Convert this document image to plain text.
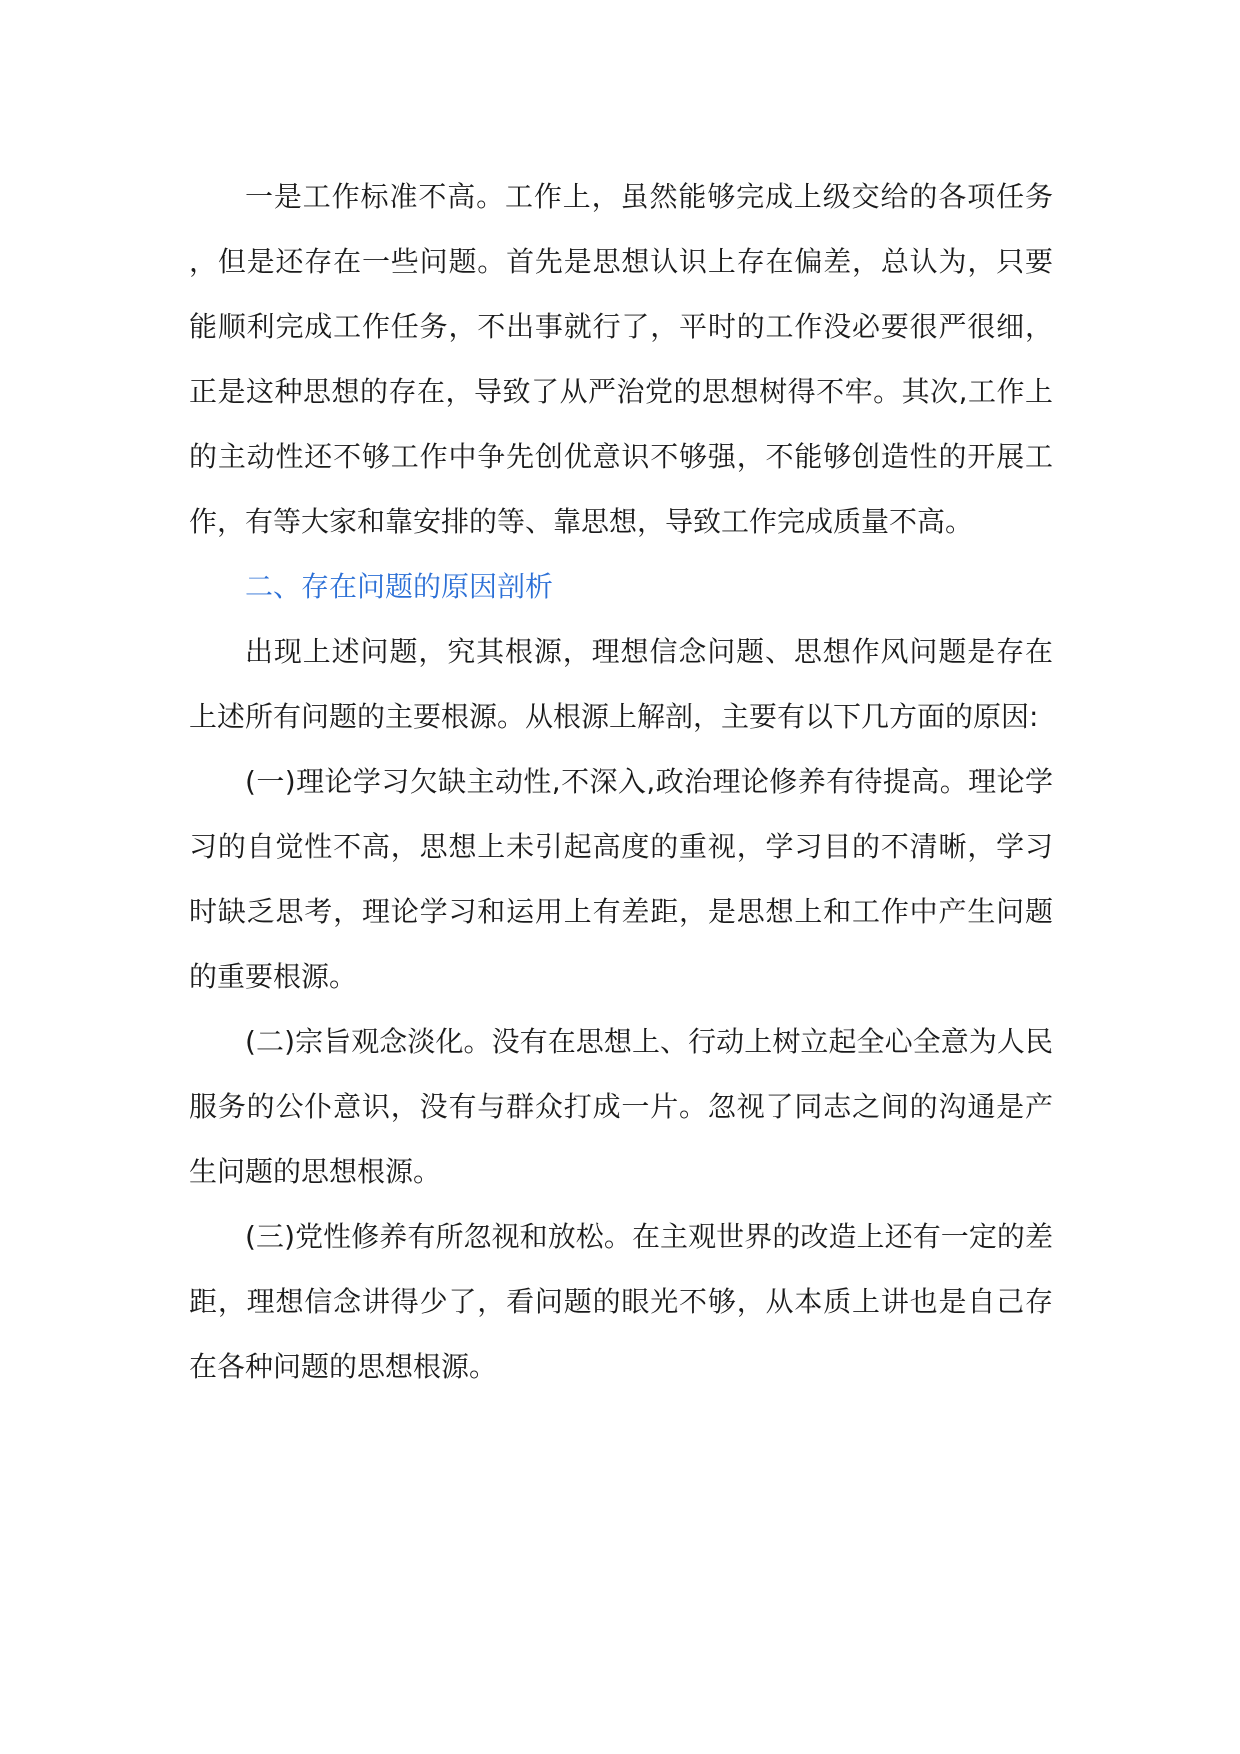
一是工作标准不高。工作上，虽然能够完成上级交给的各项任务，但是还存在一些问题。首先是思想认识上存在偏差，总认为，只要能顺利完成工作任务，不出事就行了，平时的工作没必要很严很细，正是这种思想的存在，导致了从严治党的思想树得不牢。其次,工作上的主动性还不够工作中争先创优意识不够强，不能够创造性的开展工作，有等大家和靠安排的等、靠思想，导致工作完成质量不高。

二、存在问题的原因剖析

出现上述问题，究其根源，理想信念问题、思想作风问题是存在上述所有问题的主要根源。从根源上解剖，主要有以下几方面的原因:

(一)理论学习欠缺主动性,不深入,政治理论修养有待提高。理论学习的自觉性不高，思想上未引起高度的重视，学习目的不清晰，学习时缺乏思考，理论学习和运用上有差距，是思想上和工作中产生问题的重要根源。

(二)宗旨观念淡化。没有在思想上、行动上树立起全心全意为人民服务的公仆意识，没有与群众打成一片。忽视了同志之间的沟通是产生问题的思想根源。

(三)党性修养有所忽视和放松。在主观世界的改造上还有一定的差距，理想信念讲得少了，看问题的眼光不够，从本质上讲也是自己存在各种问题的思想根源。
